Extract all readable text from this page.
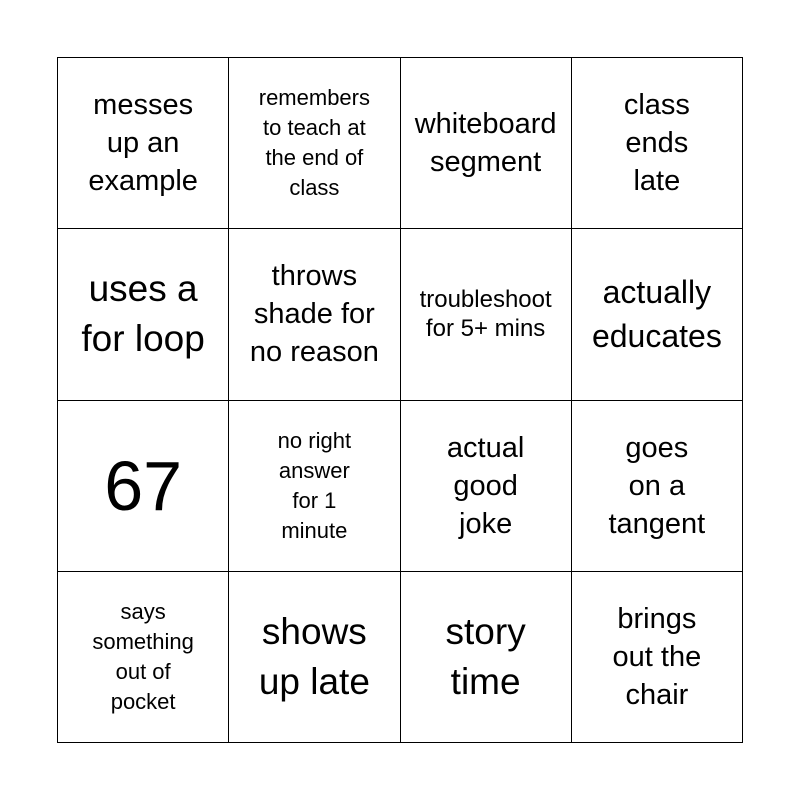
messes
up an
example
remembers
to teach at
the end of
class
whiteboard
segment
class
ends
late
uses a
for loop
throws
shade for
no reason
troubleshoot
for 5+ mins
actually
educates
67
no right
answer
for 1
minute
actual
good
joke
goes
on a
tangent
says
something
out of
pocket
shows
up late
story
time
brings
out the
chair
